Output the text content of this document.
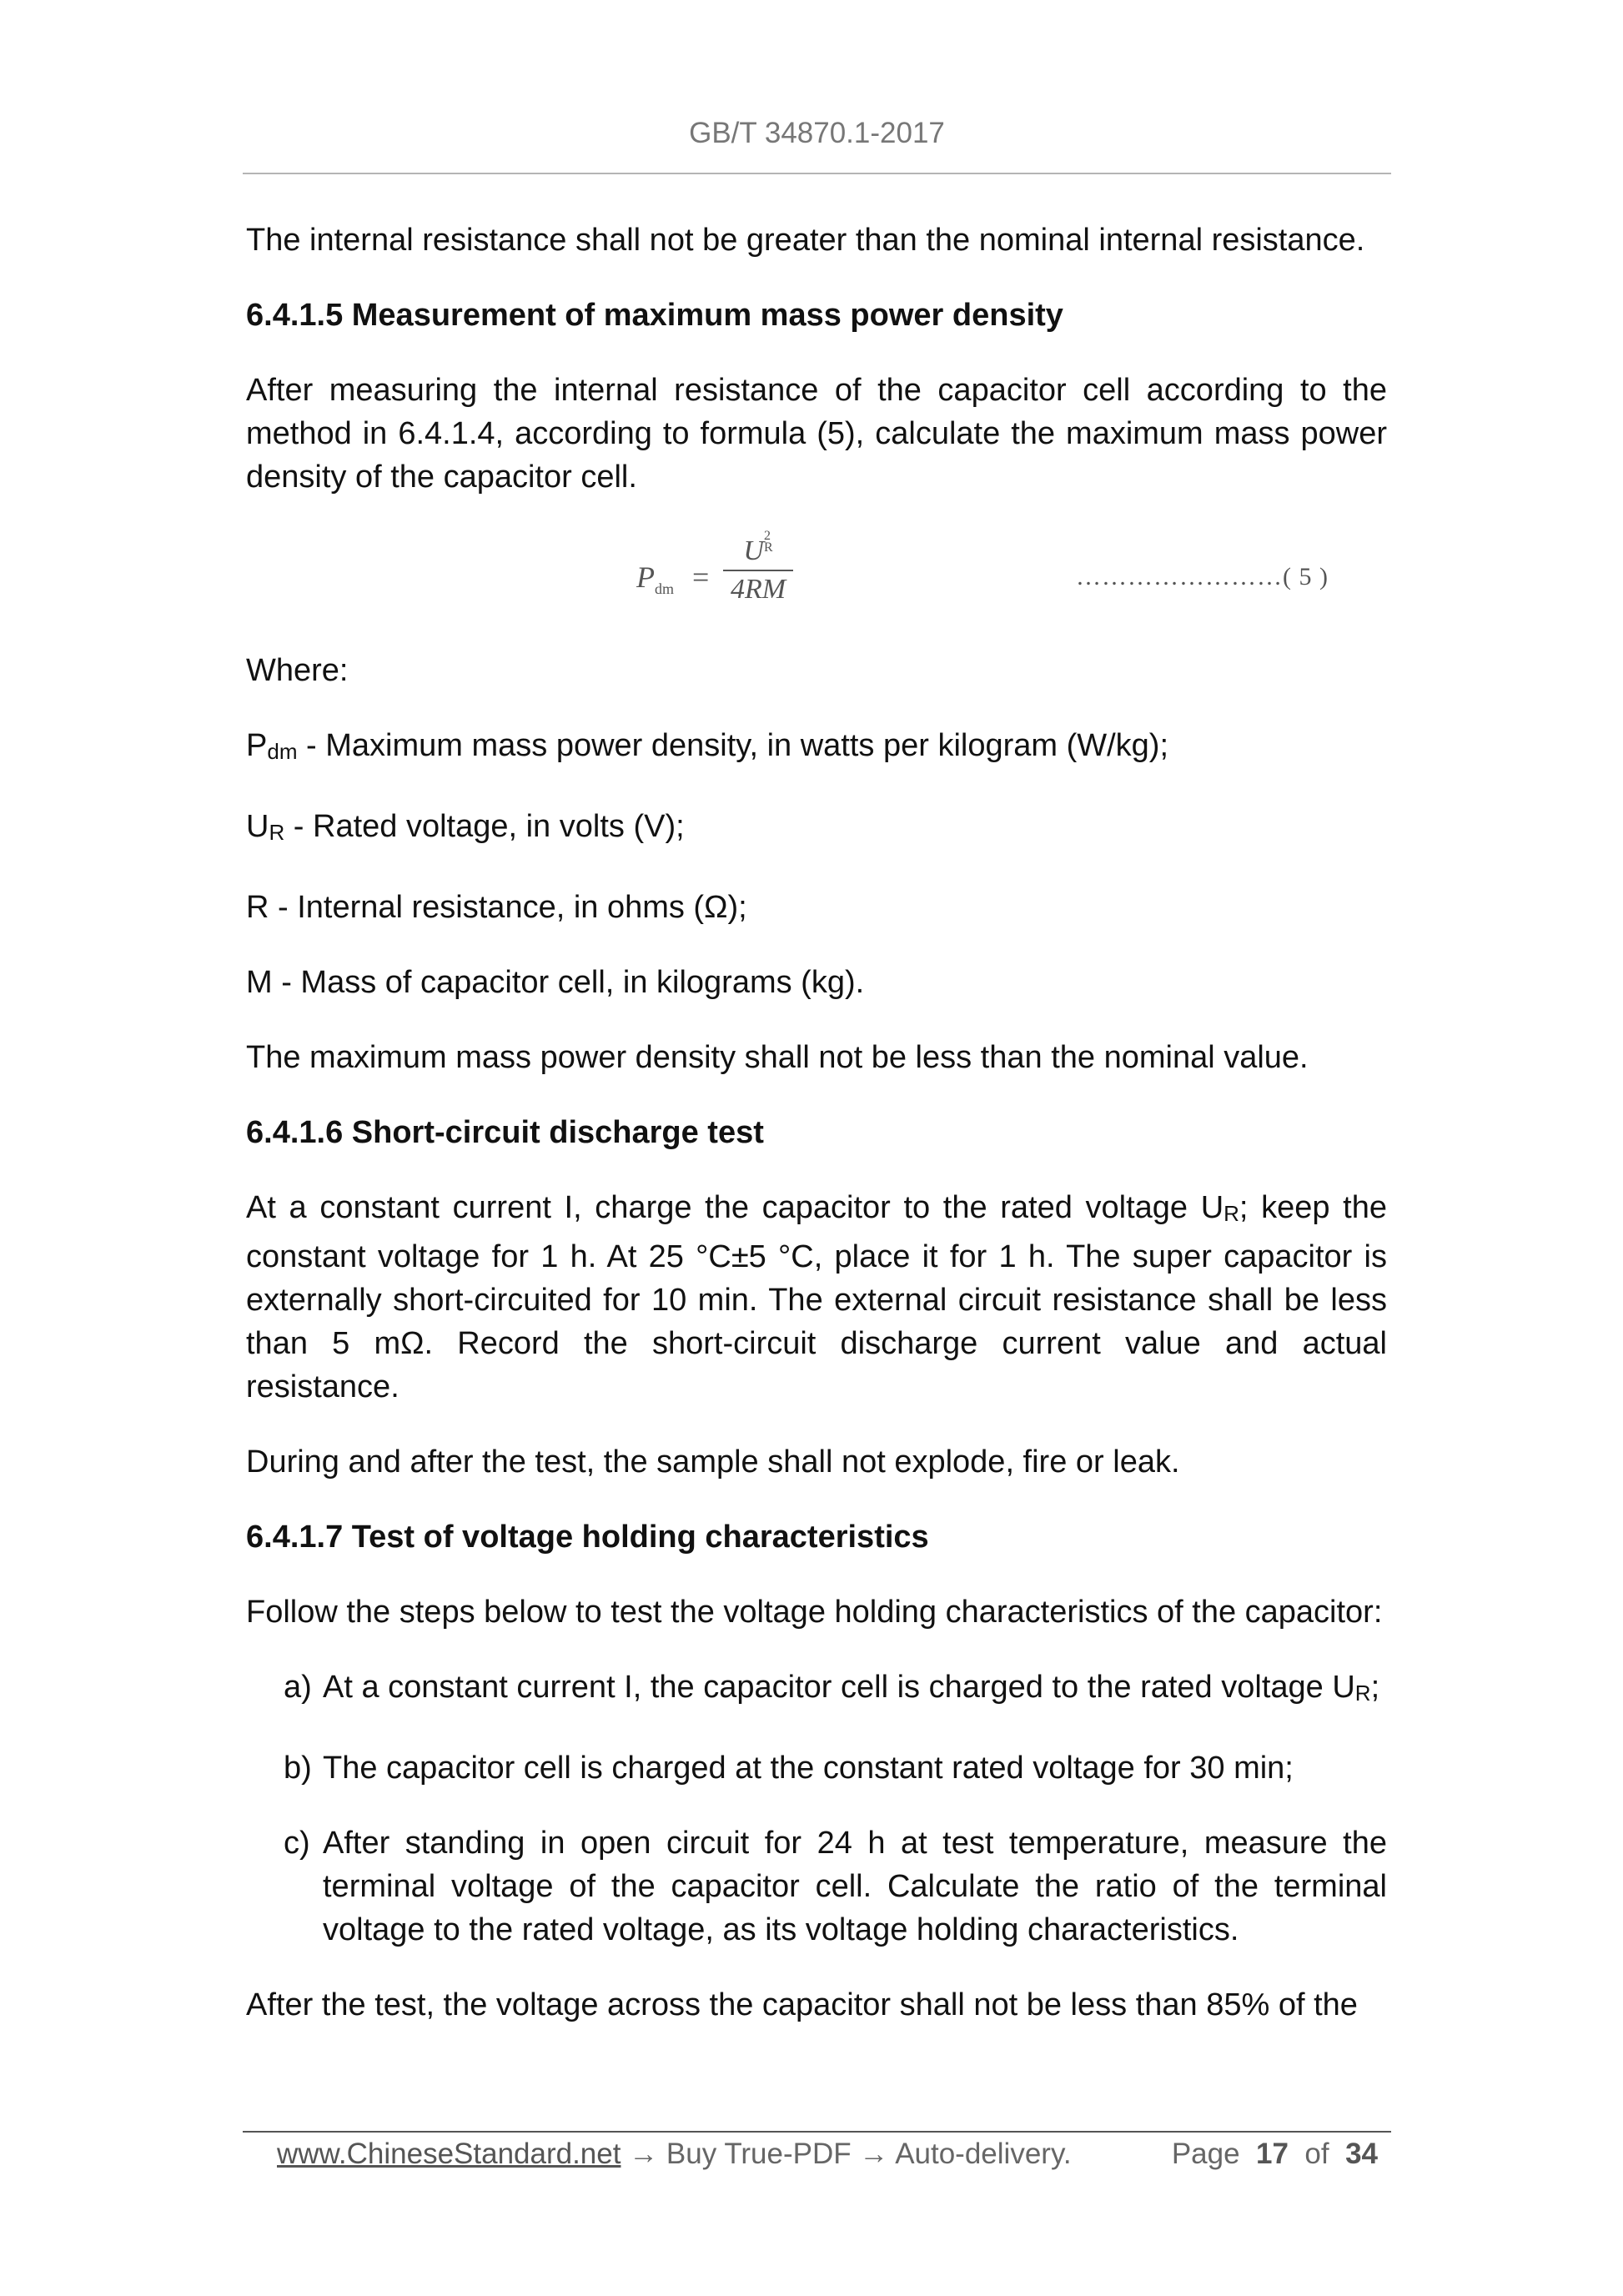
GB/T 34870.1-2017

The internal resistance shall not be greater than the nominal internal resistance.

6.4.1.5 Measurement of maximum mass power density

After measuring the internal resistance of the capacitor cell according to the method in 6.4.1.4, according to formula (5), calculate the maximum mass power density of the capacitor cell.

$P_{dm}$ =
U2
R
4RM	……………………( 5 )

Where:

Pdm - Maximum mass power density, in watts per kilogram (W/kg);

UR - Rated voltage, in volts (V);

R - Internal resistance, in ohms (Ω);

M - Mass of capacitor cell, in kilograms (kg).

The maximum mass power density shall not be less than the nominal value.

6.4.1.6 Short-circuit discharge test

At a constant current I, charge the capacitor to the rated voltage UR; keep the constant voltage for 1 h. At 25 °C±5 °C, place it for 1 h. The super capacitor is externally short-circuited for 10 min. The external circuit resistance shall be less than 5 mΩ. Record the short-circuit discharge current value and actual resistance.

During and after the test, the sample shall not explode, fire or leak.

6.4.1.7 Test of voltage holding characteristics

Follow the steps below to test the voltage holding characteristics of the capacitor:

a) At a constant current I, the capacitor cell is charged to the rated voltage UR;
b) The capacitor cell is charged at the constant rated voltage for 30 min;
c) After standing in open circuit for 24 h at test temperature, measure the terminal voltage of the capacitor cell. Calculate the ratio of the terminal voltage to the rated voltage, as its voltage holding characteristics.

After the test, the voltage across the capacitor shall not be less than 85% of the

www.ChineseStandard.net → Buy True-PDF → Auto-delivery.	Page 17 of 34
